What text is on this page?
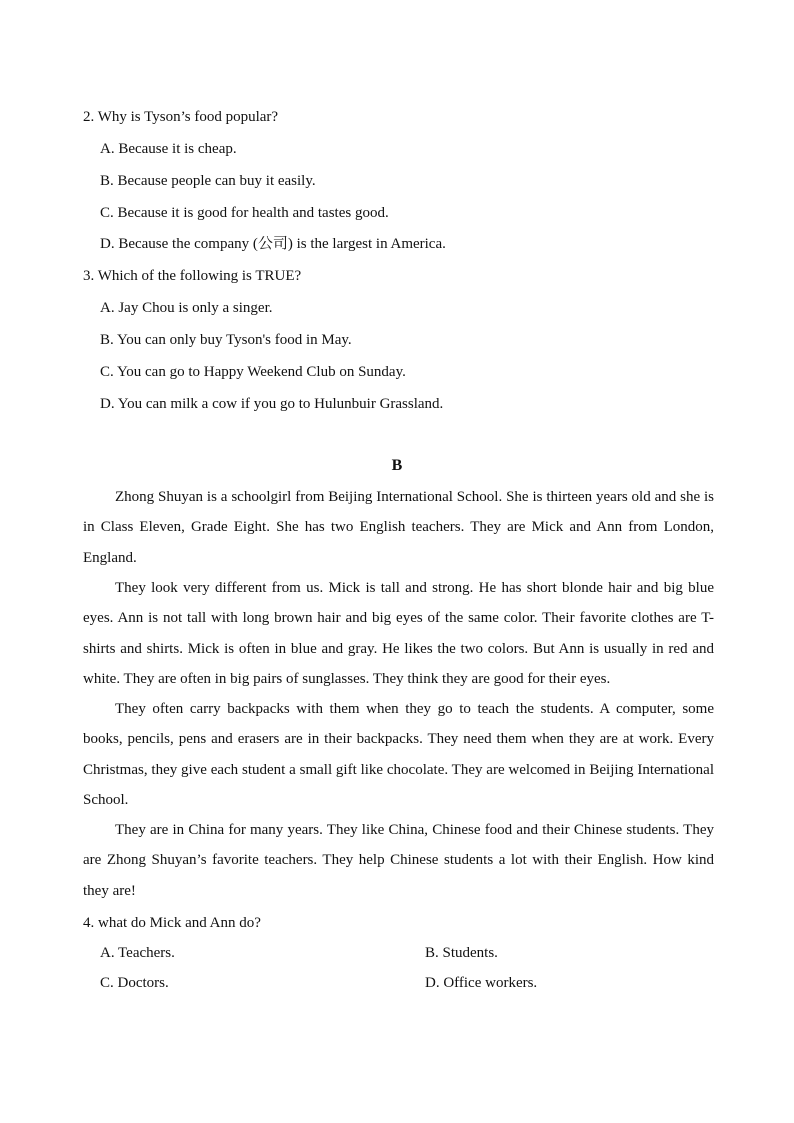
2. Why is Tyson’s food popular?
A. Because it is cheap.
B. Because people can buy it easily.
C. Because it is good for health and tastes good.
D. Because the company (公司) is the largest in America.
3. Which of the following is TRUE?
A. Jay Chou is only a singer.
B. You can only buy Tyson's food in May.
C. You can go to Happy Weekend Club on Sunday.
D. You can milk a cow if you go to Hulunbuir Grassland.
B

Zhong Shuyan is a schoolgirl from Beijing International School. She is thirteen years old and she is in Class Eleven, Grade Eight. She has two English teachers. They are Mick and Ann from London, England.

They look very different from us. Mick is tall and strong. He has short blonde hair and big blue eyes. Ann is not tall with long brown hair and big eyes of the same color. Their favorite clothes are T-shirts and shirts. Mick is often in blue and gray. He likes the two colors. But Ann is usually in red and white. They are often in big pairs of sunglasses. They think they are good for their eyes.

They often carry backpacks with them when they go to teach the students. A computer, some books, pencils, pens and erasers are in their backpacks. They need them when they are at work. Every Christmas, they give each student a small gift like chocolate. They are welcomed in Beijing International School.

They are in China for many years. They like China, Chinese food and their Chinese students. They are Zhong Shuyan’s favorite teachers. They help Chinese students a lot with their English. How kind they are!

4. what do Mick and Ann do?
A. Teachers.	B. Students.
C. Doctors.	D. Office workers.
